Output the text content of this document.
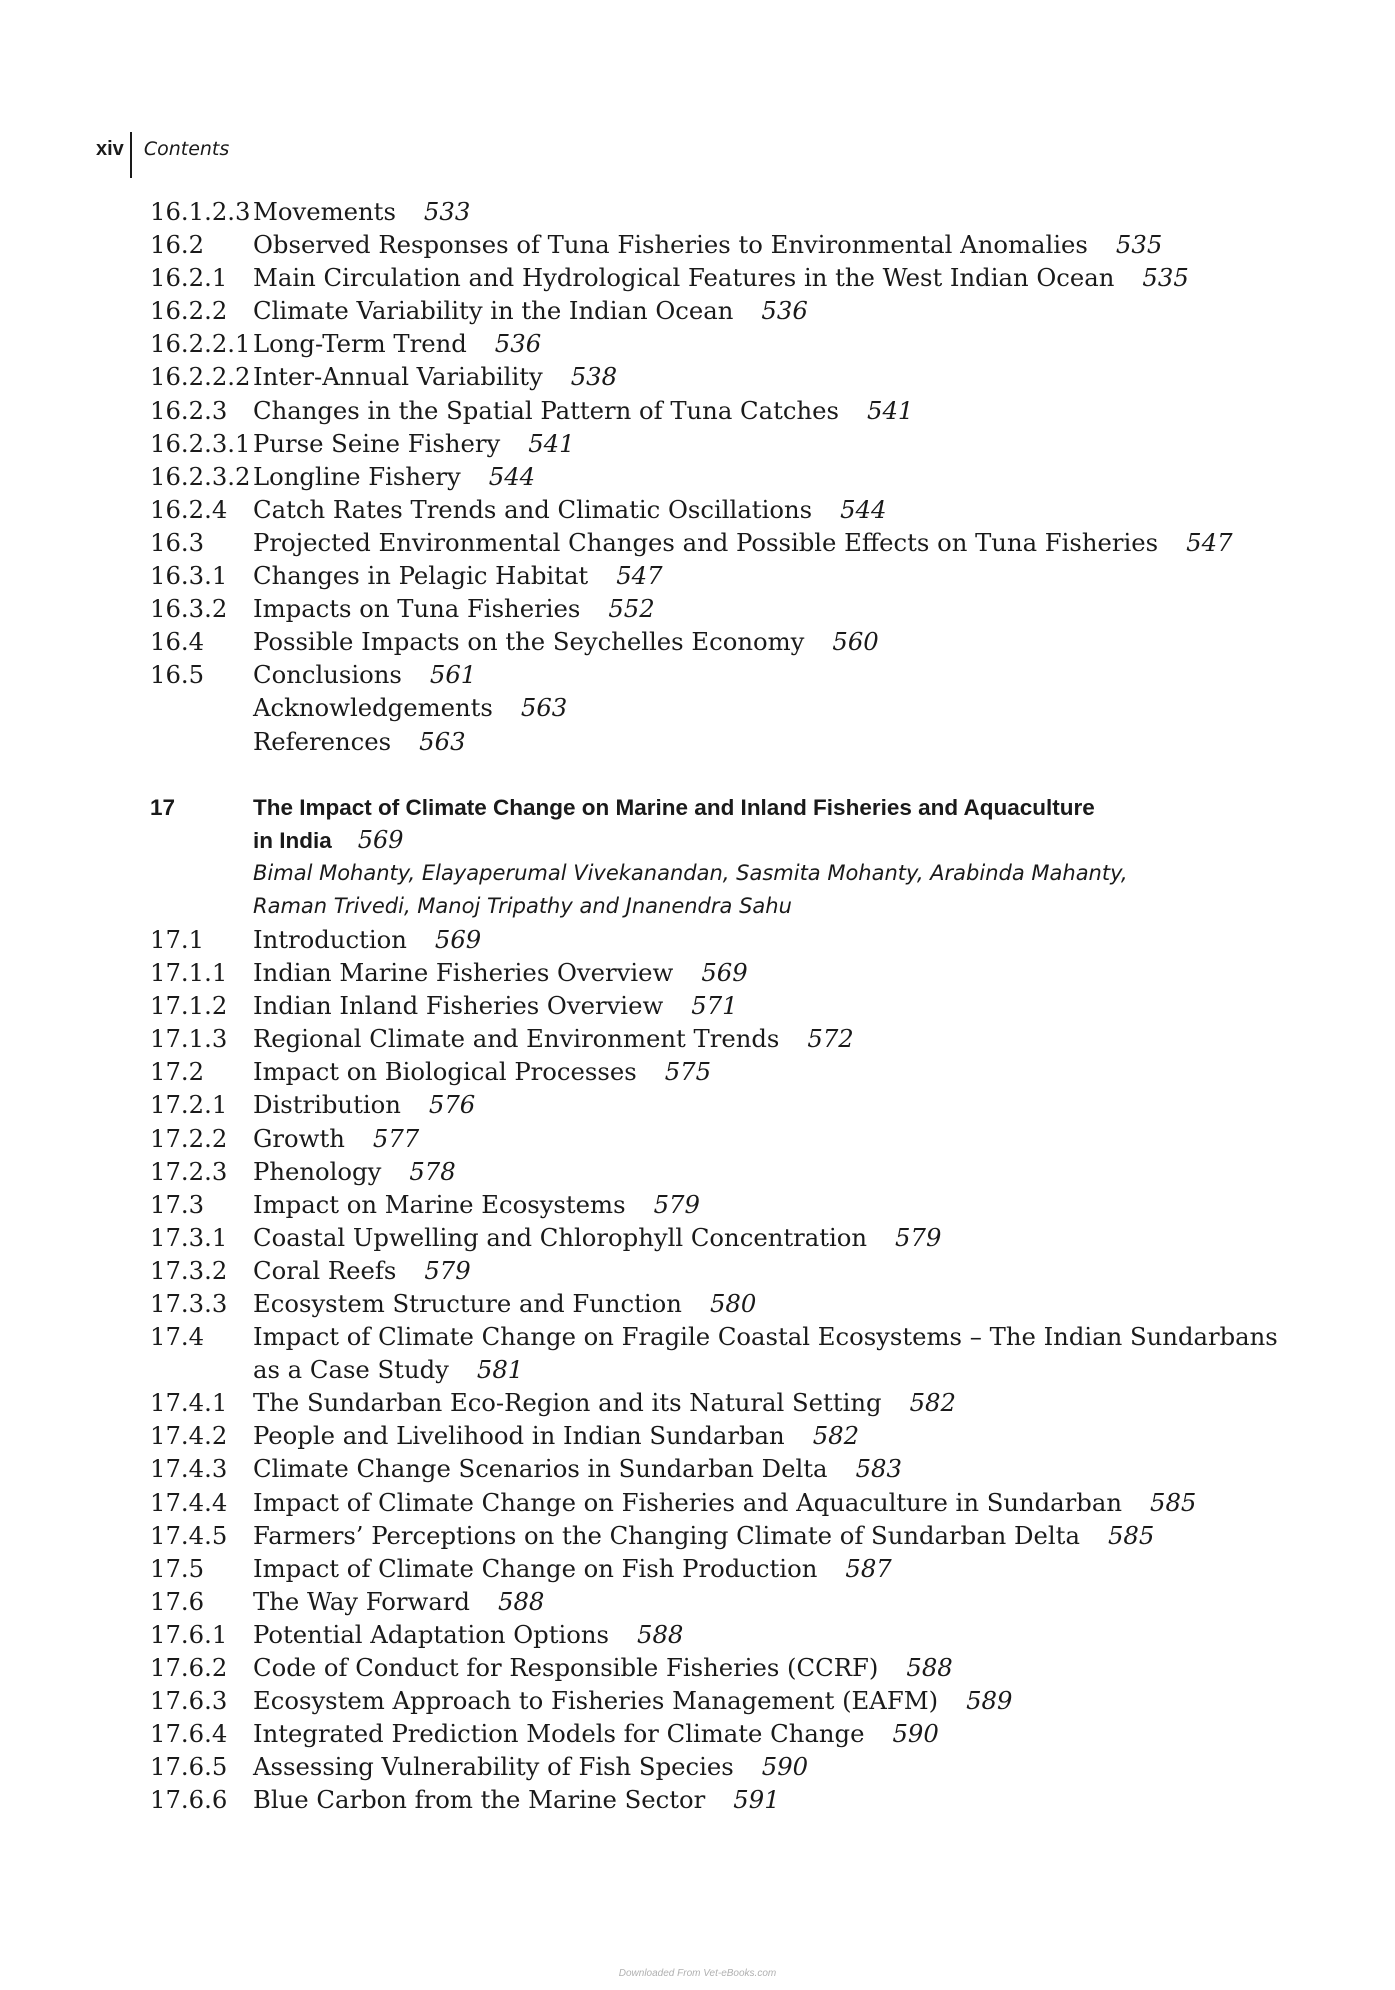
xiv Contents
16.1.2.3 Movements 533
16.2	Observed Responses of Tuna Fisheries to Environmental Anomalies 535
16.2.1	Main Circulation and Hydrological Features in the West Indian Ocean 535
16.2.2	Climate Variability in the Indian Ocean 536
16.2.2.1 Long-Term Trend 536
16.2.2.2 Inter-Annual Variability 538
16.2.3	Changes in the Spatial Pattern of Tuna Catches 541
16.2.3.1 Purse Seine Fishery 541
16.2.3.2 Longline Fishery 544
16.2.4	Catch Rates Trends and Climatic Oscillations 544
16.3	Projected Environmental Changes and Possible Effects on Tuna Fisheries 547
16.3.1	Changes in Pelagic Habitat 547
16.3.2	Impacts on Tuna Fisheries 552
16.4	Possible Impacts on the Seychelles Economy 560
16.5	Conclusions 561
Acknowledgements 563
References 563
17	The Impact of Climate Change on Marine and Inland Fisheries and Aquaculture
in India 569
Bimal Mohanty, Elayaperumal Vivekanandan, Sasmita Mohanty, Arabinda Mahanty,
Raman Trivedi, Manoj Tripathy and Jnanendra Sahu
17.1	Introduction 569
17.1.1	Indian Marine Fisheries Overview 569
17.1.2	Indian Inland Fisheries Overview 571
17.1.3	Regional Climate and Environment Trends 572
17.2	Impact on Biological Processes 575
17.2.1	Distribution 576
17.2.2	Growth 577
17.2.3	Phenology 578
17.3	Impact on Marine Ecosystems 579
17.3.1	Coastal Upwelling and Chlorophyll Concentration 579
17.3.2	Coral Reefs 579
17.3.3	Ecosystem Structure and Function 580
17.4	Impact of Climate Change on Fragile Coastal Ecosystems – The Indian Sundarbans
as a Case Study 581
17.4.1	The Sundarban Eco-Region and its Natural Setting 582
17.4.2	People and Livelihood in Indian Sundarban 582
17.4.3	Climate Change Scenarios in Sundarban Delta 583
17.4.4	Impact of Climate Change on Fisheries and Aquaculture in Sundarban 585
17.4.5	Farmers’ Perceptions on the Changing Climate of Sundarban Delta 585
17.5	Impact of Climate Change on Fish Production 587
17.6	The Way Forward 588
17.6.1	Potential Adaptation Options 588
17.6.2	Code of Conduct for Responsible Fisheries (CCRF) 588
17.6.3	Ecosystem Approach to Fisheries Management (EAFM) 589
17.6.4	Integrated Prediction Models for Climate Change 590
17.6.5	Assessing Vulnerability of Fish Species 590
17.6.6	Blue Carbon from the Marine Sector 591
Downloaded From Vet-eBooks.com
